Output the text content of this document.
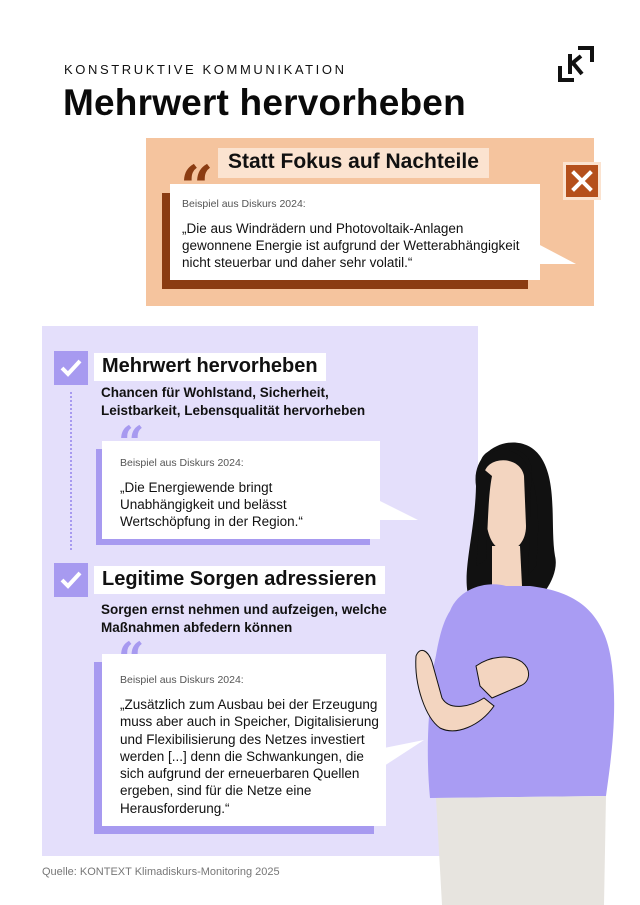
KONSTRUKTIVE KOMMUNIKATION
Mehrwert hervorheben
Statt Fokus auf Nachteile
Beispiel aus Diskurs 2024:
„Die aus Windrädern und Photovoltaik-Anlagen gewonnene Energie ist aufgrund der Wetterabhängigkeit nicht steuerbar und daher sehr volatil.“
Mehrwert hervorheben
Chancen für Wohlstand, Sicherheit, Leistbarkeit, Lebensqualität hervorheben
Beispiel aus Diskurs 2024:
„Die Energiewende bringt Unabhängigkeit und belässt Wertschöpfung in der Region.“
Legitime Sorgen adressieren
Sorgen ernst nehmen und aufzeigen, welche Maßnahmen abfedern können
Beispiel aus Diskurs 2024:
„Zusätzlich zum Ausbau bei der Erzeugung muss aber auch in Speicher, Digitalisierung und Flexibilisierung des Netzes investiert werden [...] denn die Schwankungen, die sich aufgrund der erneuerbaren Quellen ergeben, sind für die Netze eine Herausforderung.“
Quelle: KONTEXT Klimadiskurs-Monitoring 2025
